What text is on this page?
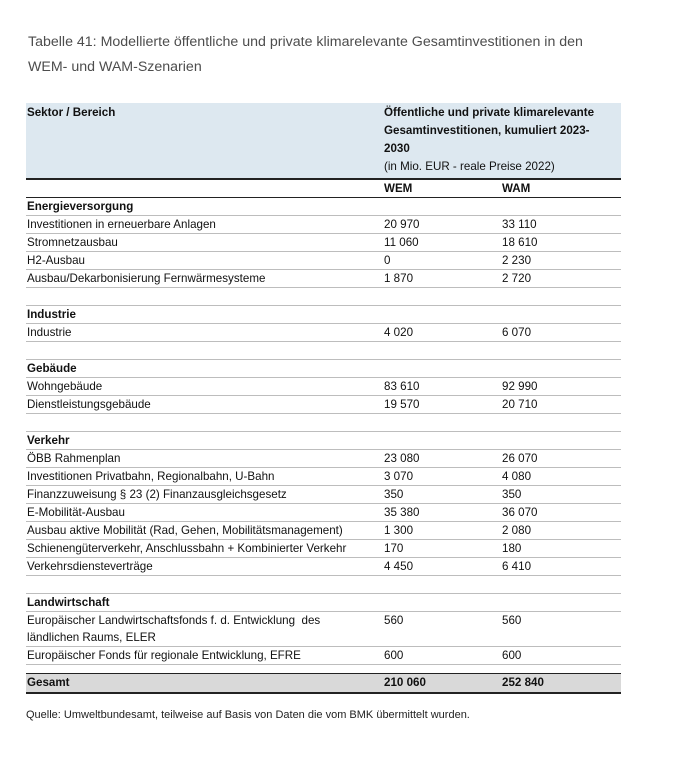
Tabelle 41: Modellierte öffentliche und private klimarelevante Gesamtinvestitionen in den
WEM- und WAM-Szenarien
Sektor / Bereich	Öffentliche und private klimarelevante
Gesamtinvestitionen, kumuliert 2023-
2030
(in Mio. EUR - reale Preise 2022)	

	WEM	WAM
Energieversorgung		
Investitionen in erneuerbare Anlagen	20 970	33 110
Stromnetzausbau	11 060	18 610
H2-Ausbau	0	2 230
Ausbau/Dekarbonisierung Fernwärmesysteme	1 870	2 720

Industrie		
Industrie	4 020	6 070

Gebäude		
Wohngebäude	83 610	92 990
Dienstleistungsgebäude	19 570	20 710

Verkehr		
ÖBB Rahmenplan	23 080	26 070
Investitionen Privatbahn, Regionalbahn, U-Bahn	3 070	4 080
Finanzzuweisung § 23 (2) Finanzausgleichsgesetz	350	350
E-Mobilität-Ausbau	35 380	36 070
Ausbau aktive Mobilität (Rad, Gehen, Mobilitätsmanagement)	1 300	2 080
Schienengüterverkehr, Anschlussbahn + Kombinierter Verkehr	170	180
Verkehrsdiensteverträge	4 450	6 410

Landwirtschaft		

Europäischer Landwirtschaftsfonds f. d. Entwicklung  des
ländlichen Raums, ELER	560	560
Europäischer Fonds für regionale Entwicklung, EFRE	600	600

Gesamt	210 060	252 840
Quelle: Umweltbundesamt, teilweise auf Basis von Daten die vom BMK übermittelt wurden.
